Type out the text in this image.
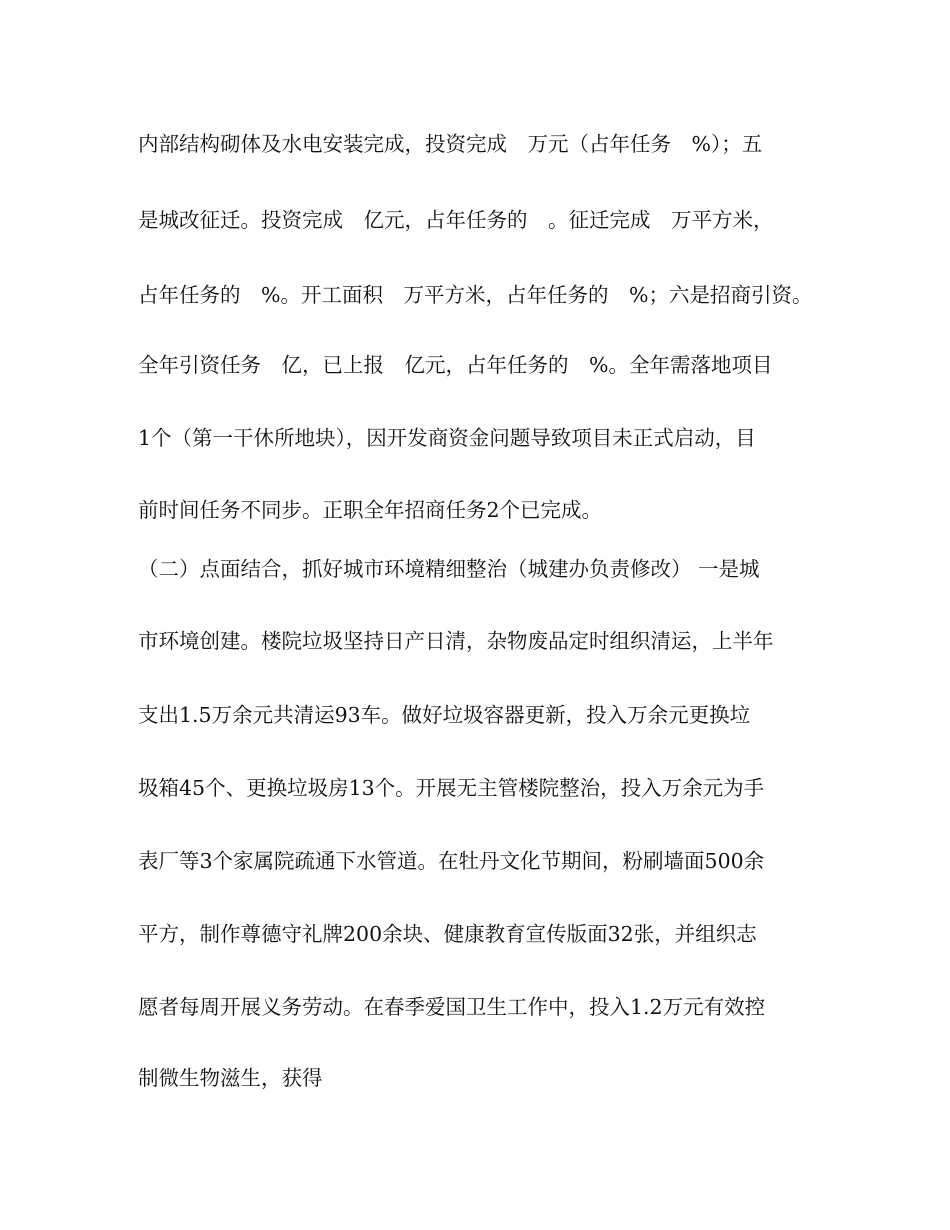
内部结构砌体及水电安装完成，投资完成　万元（占年任务　%）；五

是城改征迁。投资完成　亿元，占年任务的　。征迁完成　万平方米，

占年任务的　%。开工面积　万平方米，占年任务的　%；六是招商引资。

全年引资任务　亿，已上报　亿元，占年任务的　%。全年需落地项目

1个（第一干休所地块），因开发商资金问题导致项目未正式启动，目

前时间任务不同步。正职全年招商任务2个已完成。

（二）点面结合，抓好城市环境精细整治（城建办负责修改） 一是城

市环境创建。楼院垃圾坚持日产日清，杂物废品定时组织清运，上半年

支出1.5万余元共清运93车。做好垃圾容器更新，投入万余元更换垃

圾箱45个、更换垃圾房13个。开展无主管楼院整治，投入万余元为手

表厂等3个家属院疏通下水管道。在牡丹文化节期间，粉刷墙面500余

平方，制作尊德守礼牌200余块、健康教育宣传版面32张，并组织志

愿者每周开展义务劳动。在春季爱国卫生工作中，投入1.2万元有效控

制微生物滋生，获得
